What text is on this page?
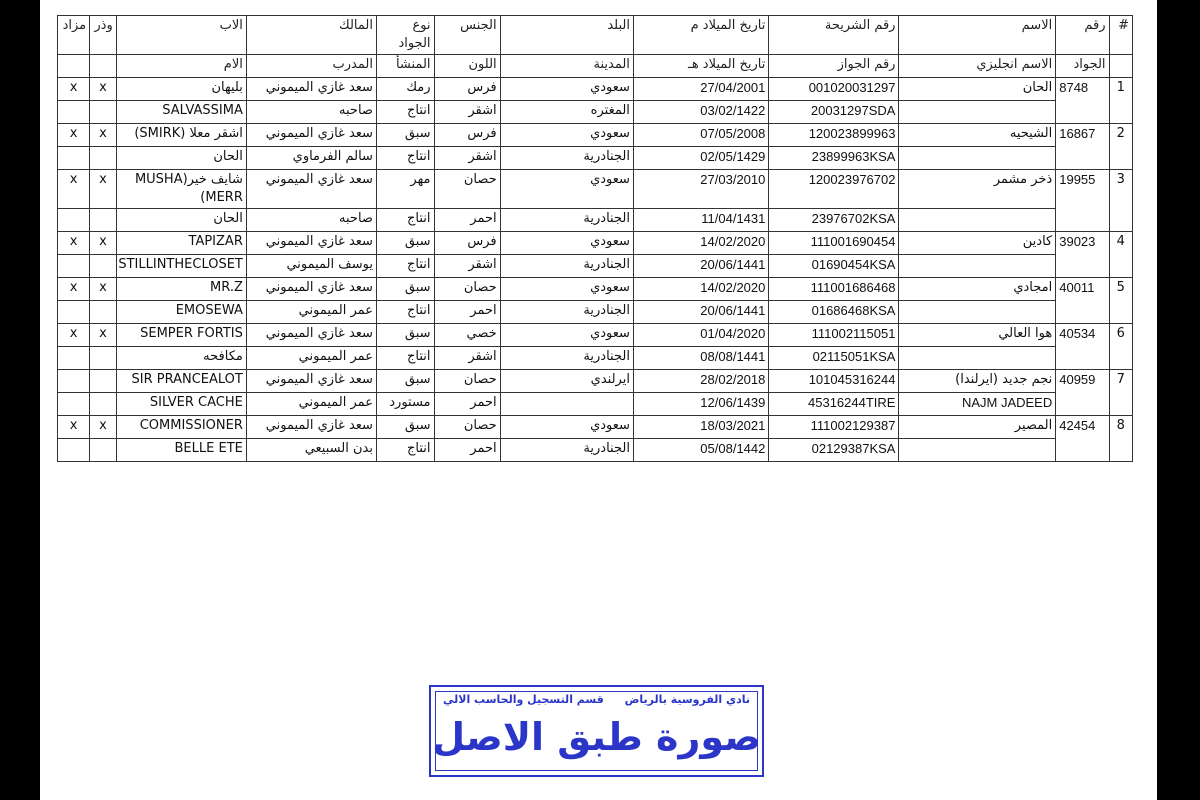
#	رقم	الاسم	رقم الشريحة	تاريخ الميلاد م	البلد	الجنس	نوع الجواد	المالك	الاب	وذر	مزاد
	الجواد	الاسم انجليزي	رقم الجواز	تاريخ الميلاد هـ	المدينة	اللون	المنشأ	المدرب	الام		
1	8748	الحان	001020031297	27/04/2001	سعودي	فرس	رمك	سعد غازي الميموني	بليهان	x	x
			20031297SDA	03/02/1422	المغتره	اشقر	انتاج	صاحبه	SALVASSIMA		
2	16867	الشيحيه	120023899963	07/05/2008	سعودي	فرس	سبق	سعد غازي الميموني	اشقر معلا (SMIRK)	x	x
			23899963KSA	02/05/1429	الجنادرية	اشقر	انتاج	سالم الفرماوي	الحان		
3	19955	ذخر مشمر	120023976702	27/03/2010	سعودي	حصان	مهر	سعد غازي الميموني	شايف خير(MUSHA MERR)	x	x
			23976702KSA	11/04/1431	الجنادرية	احمر	انتاج	صاحبه	الحان		
4	39023	كادين	111001690454	14/02/2020	سعودي	فرس	سبق	سعد غازي الميموني	TAPIZAR	x	x
			01690454KSA	20/06/1441	الجنادرية	اشقر	انتاج	يوسف الميموني	STILLINTHECLOSET		
5	40011	امجادي	111001686468	14/02/2020	سعودي	حصان	سبق	سعد غازي الميموني	MR.Z	x	x
			01686468KSA	20/06/1441	الجنادرية	احمر	انتاج	عمر الميموني	EMOSEWA		
6	40534	هوا العالي	111002115051	01/04/2020	سعودي	خصي	سبق	سعد غازي الميموني	SEMPER FORTIS	x	x
			02115051KSA	08/08/1441	الجنادرية	اشقر	انتاج	عمر الميموني	مكافحه		
7	40959	نجم جديد (ايرلندا)	101045316244	28/02/2018	ايرلندي	حصان	سبق	سعد غازي الميموني	SIR PRANCEALOT		
		NAJM JADEED	45316244TIRE	12/06/1439		احمر	مستورد	عمر الميموني	SILVER CACHE		
8	42454	المصير	111002129387	18/03/2021	سعودي	حصان	سبق	سعد غازي الميموني	COMMISSIONER	x	x
			02129387KSA	05/08/1442	الجنادرية	احمر	انتاج	بدن السبيعي	BELLE ETE		
نادي الفروسية بالرياض
قسم التسجيل والحاسب الالي
صورة طبق الاصل
